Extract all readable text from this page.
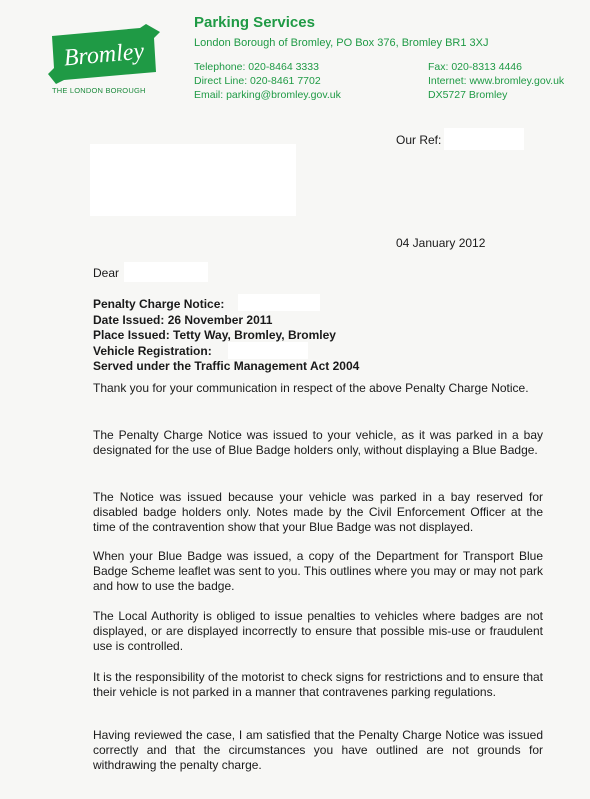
Bromley
THE LONDON BOROUGH
Parking Services
London Borough of Bromley, PO Box 376, Bromley BR1 3XJ
Telephone: 020-8464 3333
Direct Line: 020-8461 7702
Email: parking@bromley.gov.uk
Fax: 020-8313 4446
Internet: www.bromley.gov.uk
DX5727 Bromley
Our Ref:
04 January 2012
Dear
Penalty Charge Notice:
Date Issued: 26 November 2011
Place Issued: Tetty Way, Bromley, Bromley
Vehicle Registration:
Served under the Traffic Management Act 2004
Thank you for your communication in respect of the above Penalty Charge Notice.
The Penalty Charge Notice was issued to your vehicle, as it was parked in a bay designated for the use of Blue Badge holders only, without displaying a Blue Badge.
The Notice was issued because your vehicle was parked in a bay reserved for disabled badge holders only. Notes made by the Civil Enforcement Officer at the time of the contravention show that your Blue Badge was not displayed.
When your Blue Badge was issued, a copy of the Department for Transport Blue Badge Scheme leaflet was sent to you. This outlines where you may or may not park and how to use the badge.
The Local Authority is obliged to issue penalties to vehicles where badges are not displayed, or are displayed incorrectly to ensure that possible mis-use or fraudulent use is controlled.
It is the responsibility of the motorist to check signs for restrictions and to ensure that their vehicle is not parked in a manner that contravenes parking regulations.
Having reviewed the case, I am satisfied that the Penalty Charge Notice was issued correctly and that the circumstances you have outlined are not grounds for withdrawing the penalty charge.
